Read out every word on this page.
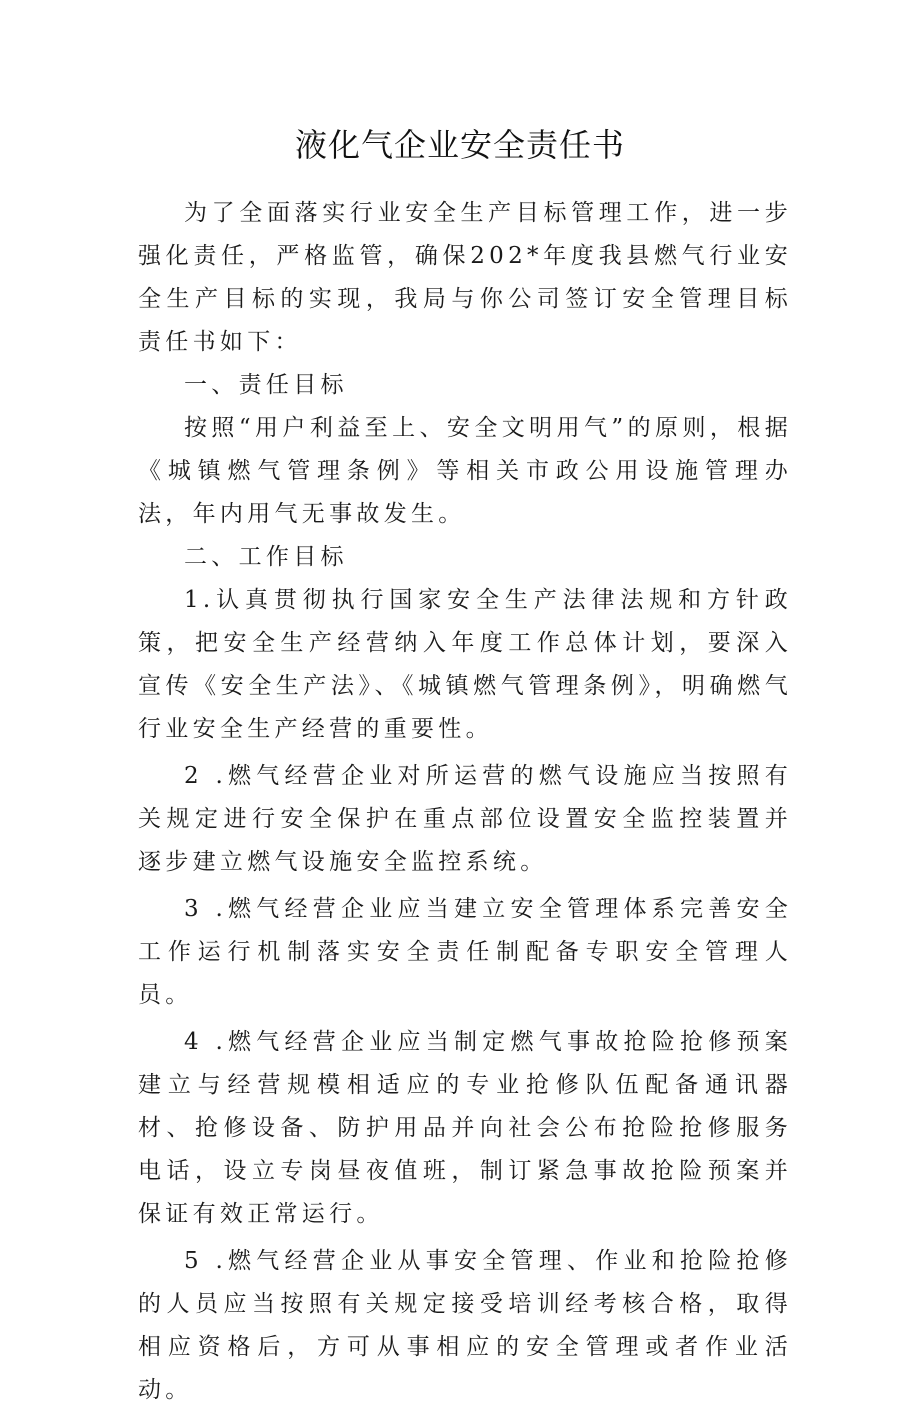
液化气企业安全责任书

为了全面落实行业安全生产目标管理工作，进一步强化责任，严格监管，确保202*年度我县燃气行业安全生产目标的实现，我局与你公司签订安全管理目标责任书如下：

一、责任目标

按照“用户利益至上、安全文明用气”的原则，根据《城镇燃气管理条例》等相关市政公用设施管理办法，年内用气无事故发生。

二、工作目标

1.认真贯彻执行国家安全生产法律法规和方针政策，把安全生产经营纳入年度工作总体计划，要深入宣传《安全生产法》、《城镇燃气管理条例》，明确燃气行业安全生产经营的重要性。

2 .燃气经营企业对所运营的燃气设施应当按照有关规定进行安全保护在重点部位设置安全监控装置并逐步建立燃气设施安全监控系统。

3 .燃气经营企业应当建立安全管理体系完善安全工作运行机制落实安全责任制配备专职安全管理人员。

4 .燃气经营企业应当制定燃气事故抢险抢修预案建立与经营规模相适应的专业抢修队伍配备通讯器材、抢修设备、防护用品并向社会公布抢险抢修服务电话，设立专岗昼夜值班，制订紧急事故抢险预案并保证有效正常运行。

5 .燃气经营企业从事安全管理、作业和抢险抢修的人员应当按照有关规定接受培训经考核合格，取得相应资格后，方可从事相应的安全管理或者作业活动。
